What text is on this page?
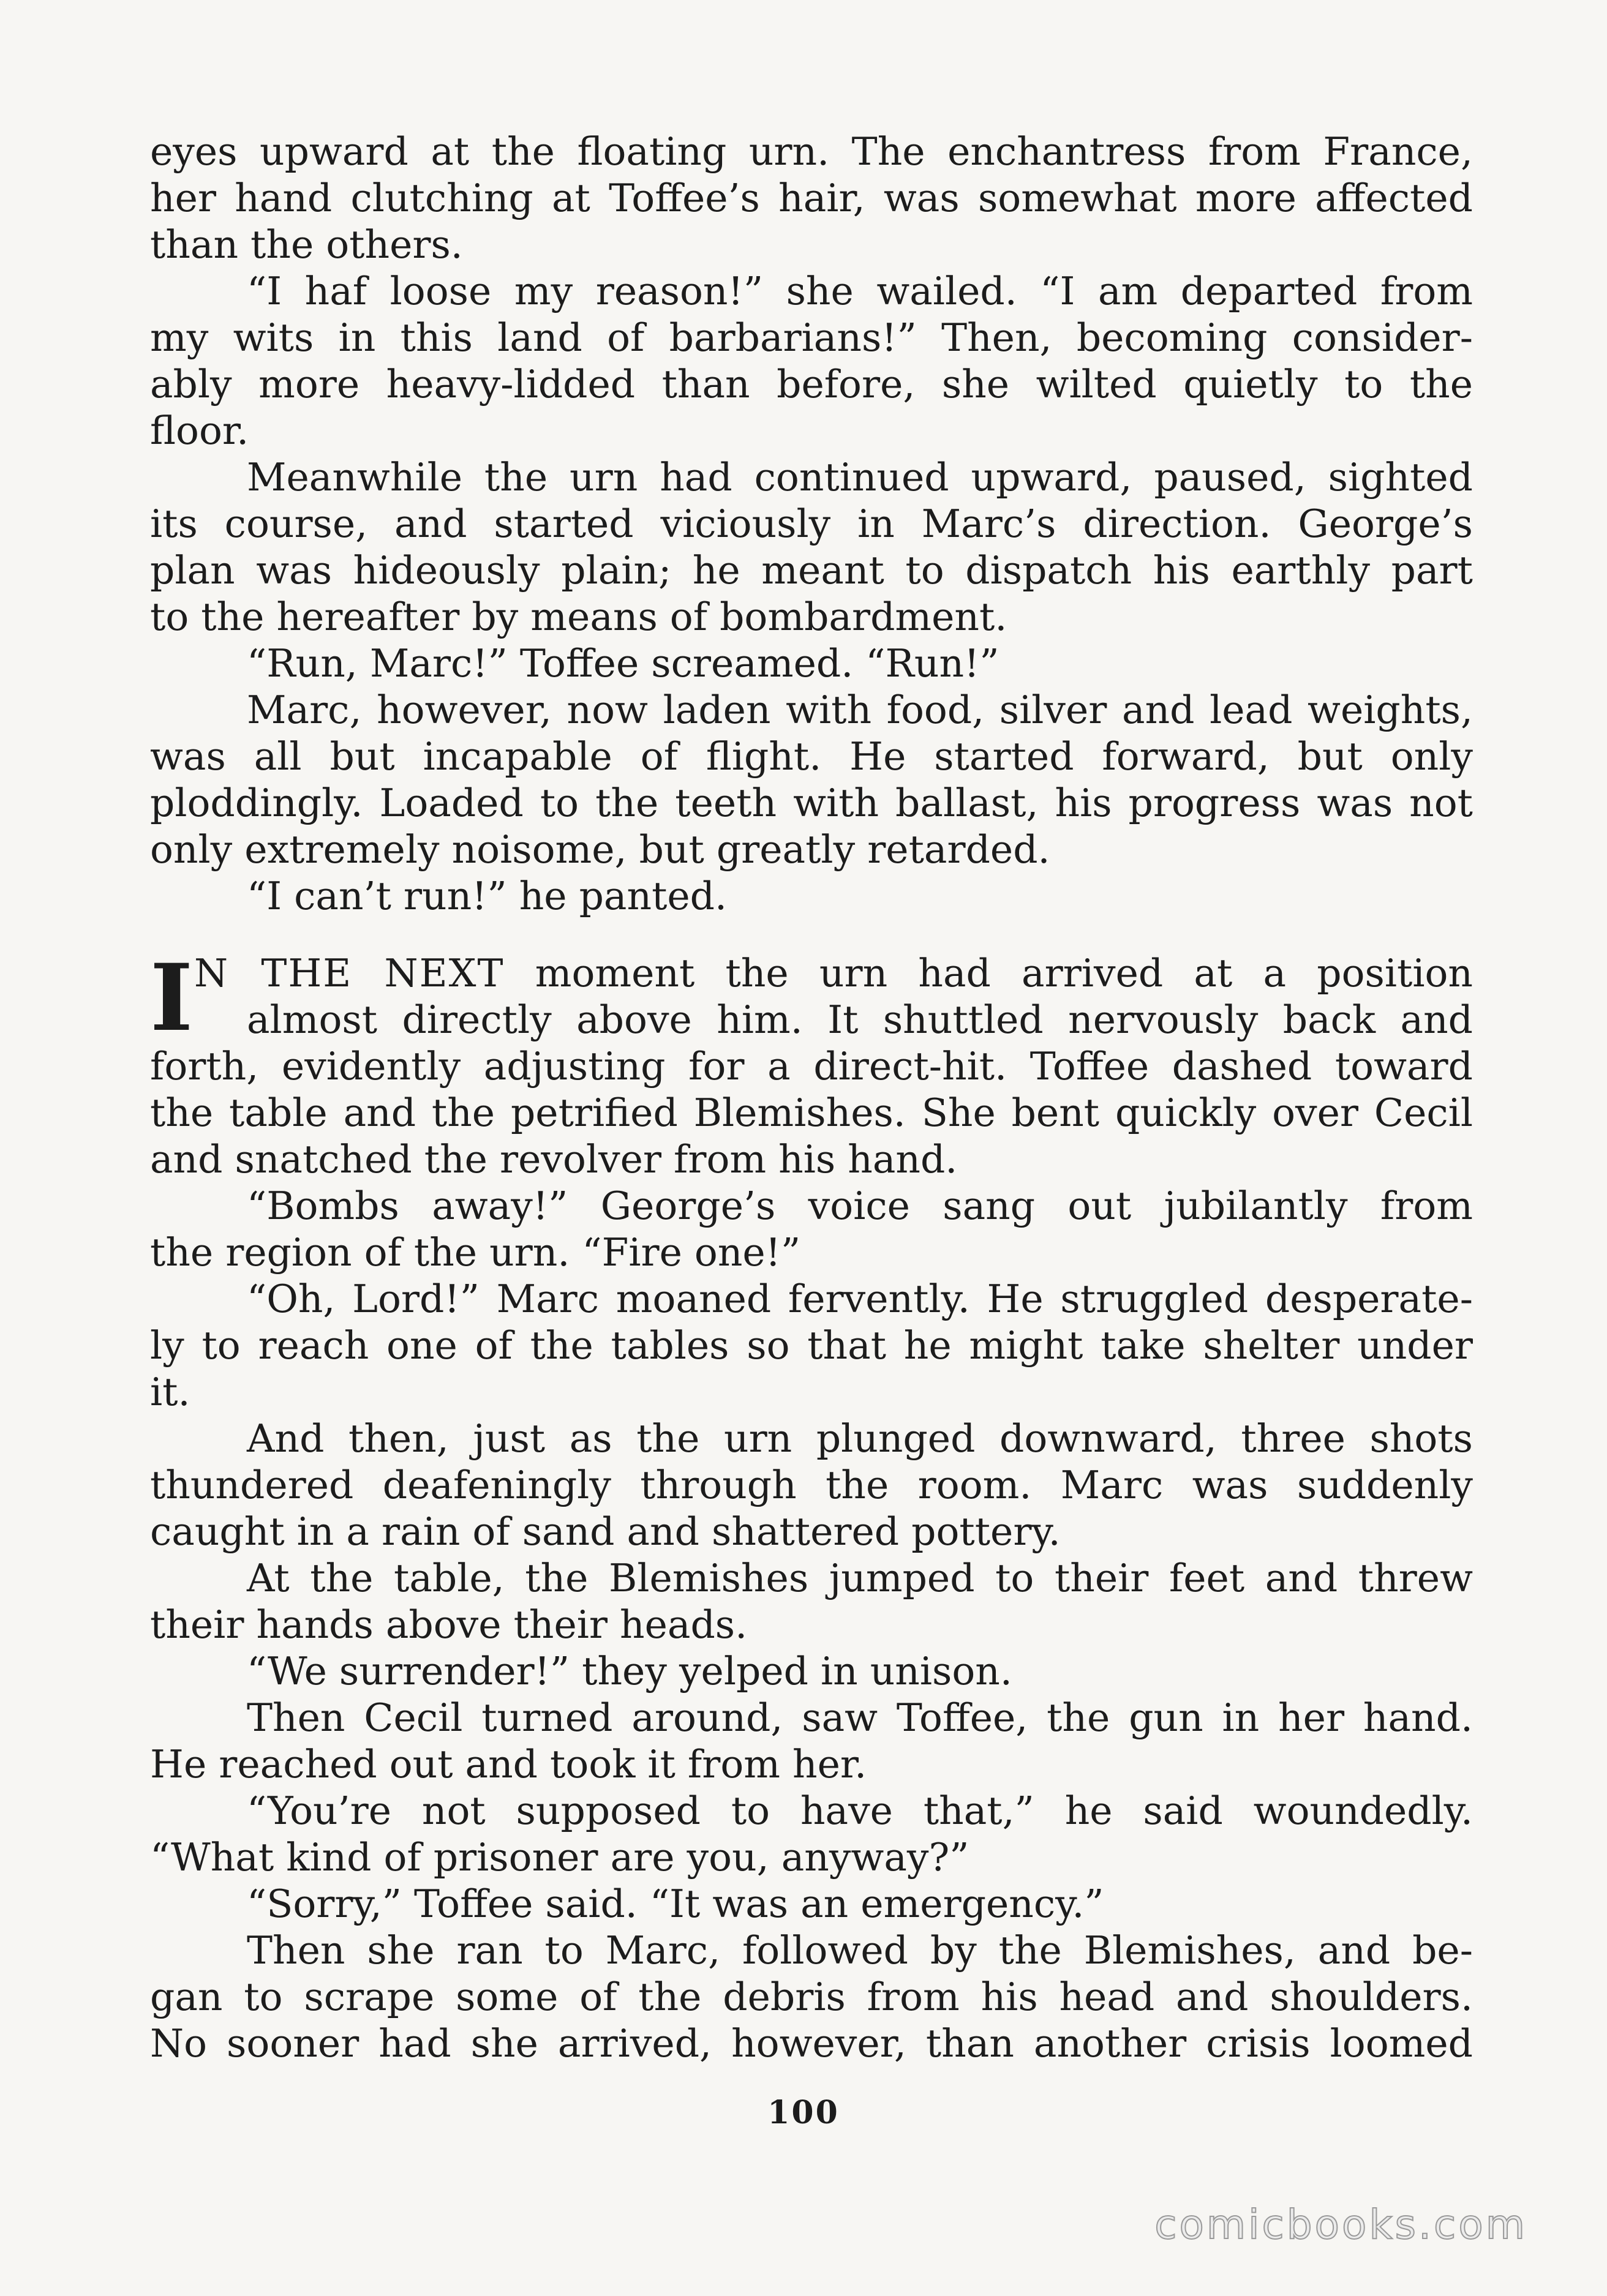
eyes upward at the floating urn. The enchantress from France,
her hand clutching at Toffee’s hair, was somewhat more affected
than the others.
“I haf loose my reason!” she wailed. “I am departed from
my wits in this land of barbarians!” Then, becoming consider-
ably more heavy-lidded than before, she wilted quietly to the
floor.
Meanwhile the urn had continued upward, paused, sighted
its course, and started viciously in Marc’s direction. George’s
plan was hideously plain; he meant to dispatch his earthly part
to the hereafter by means of bombardment.
“Run, Marc!” Toffee screamed. “Run!”
Marc, however, now laden with food, silver and lead weights,
was all but incapable of flight. He started forward, but only
ploddingly. Loaded to the teeth with ballast, his progress was not
only extremely noisome, but greatly retarded.
“I can’t run!” he panted.
I N THE NEXT moment the urn had arrived at a position
almost directly above him. It shuttled nervously back and
forth, evidently adjusting for a direct-hit. Toffee dashed toward
the table and the petrified Blemishes. She bent quickly over Cecil
and snatched the revolver from his hand.
“Bombs away!” George’s voice sang out jubilantly from
the region of the urn. “Fire one!”
“Oh, Lord!” Marc moaned fervently. He struggled desperate-
ly to reach one of the tables so that he might take shelter under
it.
And then, just as the urn plunged downward, three shots
thundered deafeningly through the room. Marc was suddenly
caught in a rain of sand and shattered pottery.
At the table, the Blemishes jumped to their feet and threw
their hands above their heads.
“We surrender!” they yelped in unison.
Then Cecil turned around, saw Toffee, the gun in her hand.
He reached out and took it from her.
“You’re not supposed to have that,” he said woundedly.
“What kind of prisoner are you, anyway?”
“Sorry,” Toffee said. “It was an emergency.”
Then she ran to Marc, followed by the Blemishes, and be-
gan to scrape some of the debris from his head and shoulders.
No sooner had she arrived, however, than another crisis loomed
100
comicbooks.com
